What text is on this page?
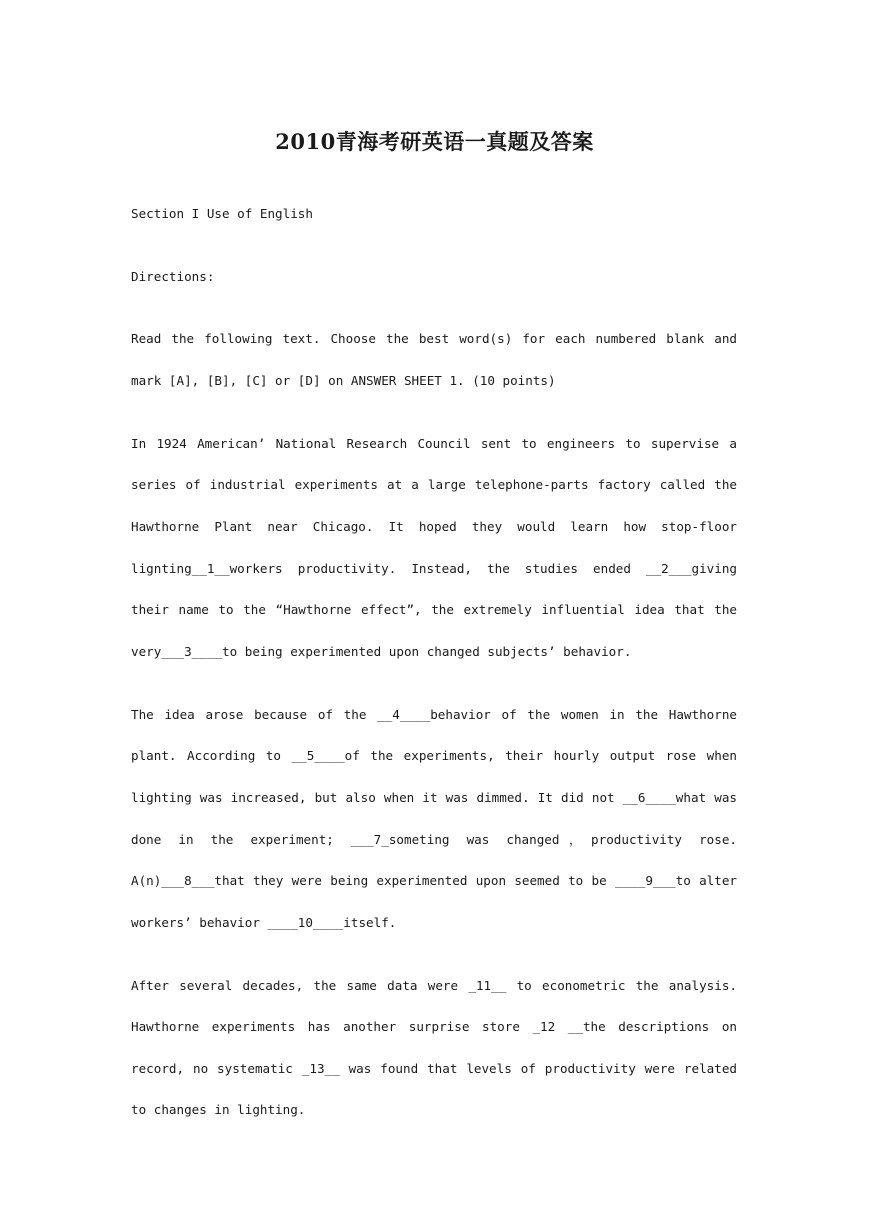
2010青海考研英语一真题及答案

Section I Use of English

Directions:

Read the following text. Choose the best word(s) for each numbered blank and mark [A], [B], [C] or [D] on ANSWER SHEET 1. (10 points)

In 1924 American’ National Research Council sent to engineers to supervise a series of industrial experiments at a large telephone-parts factory called the Hawthorne Plant near Chicago. It hoped they would learn how stop-floor lignting__1__workers productivity. Instead, the studies ended __2___giving their name to the “Hawthorne effect”, the extremely influential idea that the very___3____to being experimented upon changed subjects’ behavior.

The idea arose because of the __4____behavior of the women in the Hawthorne plant. According to __5____of the experiments, their hourly output rose when lighting was increased, but also when it was dimmed. It did not __6____what was done in the experiment; ___7_someting was changed，productivity rose. A(n)___8___that they were being experimented upon seemed to be ____9___to alter workers’ behavior ____10____itself.

After several decades, the same data were _11__ to econometric the analysis. Hawthorne experiments has another surprise store _12 __the descriptions on record, no systematic _13__ was found that levels of productivity were related to changes in lighting.
